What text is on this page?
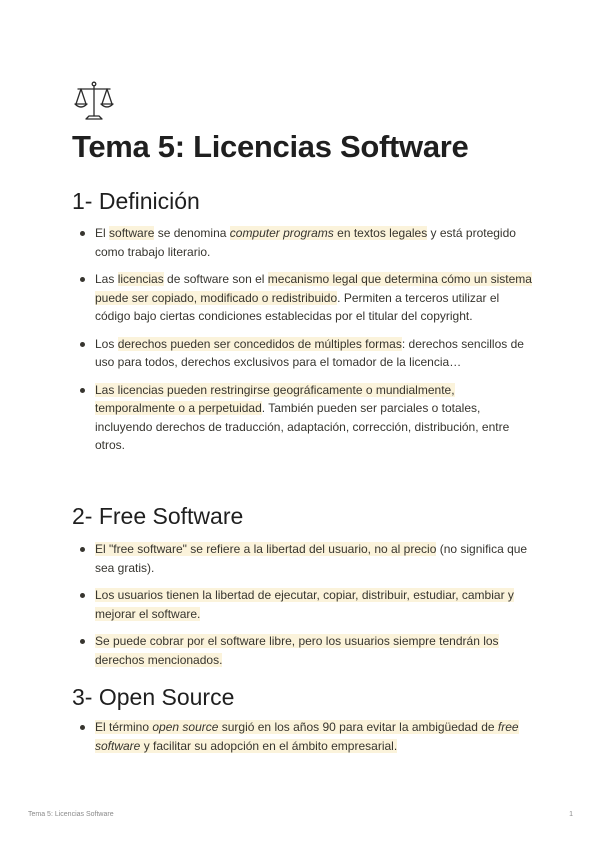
Tema 5: Licencias Software
1- Definición
El software se denomina computer programs en textos legales y está protegido como trabajo literario.
Las licencias de software son el mecanismo legal que determina cómo un sistema puede ser copiado, modificado o redistribuido. Permiten a terceros utilizar el código bajo ciertas condiciones establecidas por el titular del copyright.
Los derechos pueden ser concedidos de múltiples formas: derechos sencillos de uso para todos, derechos exclusivos para el tomador de la licencia…
Las licencias pueden restringirse geográficamente o mundialmente, temporalmente o a perpetuidad. También pueden ser parciales o totales, incluyendo derechos de traducción, adaptación, corrección, distribución, entre otros.
2- Free Software
El "free software" se refiere a la libertad del usuario, no al precio (no significa que sea gratis).
Los usuarios tienen la libertad de ejecutar, copiar, distribuir, estudiar, cambiar y mejorar el software.
Se puede cobrar por el software libre, pero los usuarios siempre tendrán los derechos mencionados.
3- Open Source
El término open source surgió en los años 90 para evitar la ambigüedad de free software y facilitar su adopción en el ámbito empresarial.
Tema 5: Licencias Software	1
